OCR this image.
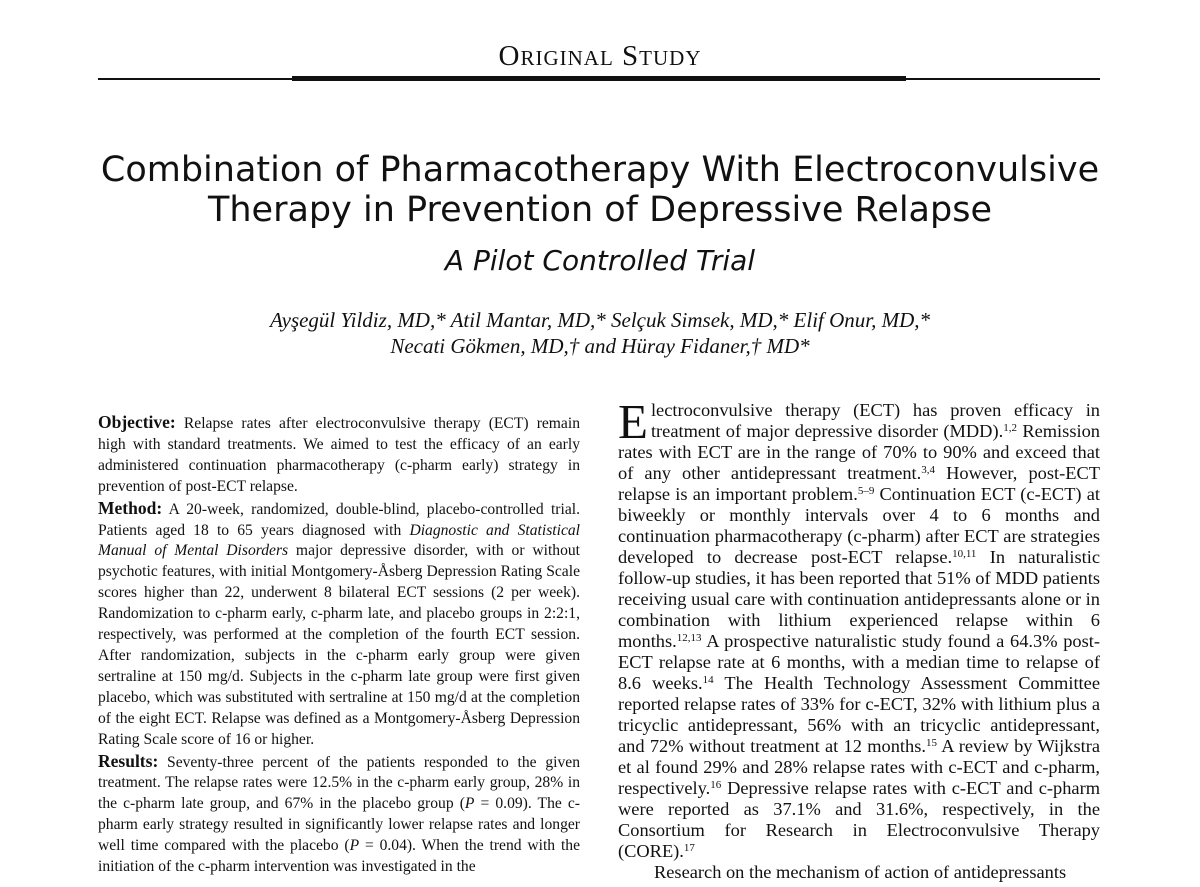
ORIGINAL STUDY
Combination of Pharmacotherapy With Electroconvulsive
Therapy in Prevention of Depressive Relapse
A Pilot Controlled Trial
Ayşegül Yildiz, MD,* Atil Mantar, MD,* Selçuk Simsek, MD,* Elif Onur, MD,*
Necati Gökmen, MD,† and Hüray Fidaner,† MD*

Objective: Relapse rates after electroconvulsive therapy (ECT) remain high with standard treatments. We aimed to test the efficacy of an early administered continuation pharmacotherapy (c-pharm early) strategy in prevention of post-ECT relapse.

Method: A 20-week, randomized, double-blind, placebo-controlled trial. Patients aged 18 to 65 years diagnosed with Diagnostic and Statistical Manual of Mental Disorders major depressive disorder, with or without psychotic features, with initial Montgomery-Åsberg Depression Rating Scale scores higher than 22, underwent 8 bilateral ECT sessions (2 per week). Randomization to c-pharm early, c-pharm late, and placebo groups in 2:2:1, respectively, was performed at the completion of the fourth ECT session. After randomization, subjects in the c-pharm early group were given sertraline at 150 mg/d. Subjects in the c-pharm late group were first given placebo, which was substituted with sertraline at 150 mg/d at the completion of the eight ECT. Relapse was defined as a Montgomery-Åsberg Depression Rating Scale score of 16 or higher.

Results: Seventy-three percent of the patients responded to the given treatment. The relapse rates were 12.5% in the c-pharm early group, 28% in the c-pharm late group, and 67% in the placebo group (P = 0.09). The c-pharm early strategy resulted in significantly lower relapse rates and longer well time compared with the placebo (P = 0.04). When the trend with the initiation of the c-pharm intervention was investigated in the

Electroconvulsive therapy (ECT) has proven efficacy in treatment of major depressive disorder (MDD).$^{1,2}$ Remission rates with ECT are in the range of 70% to 90% and exceed that of any other antidepressant treatment.$^{3,4}$ However, post-ECT relapse is an important problem.$^{5-9}$ Continuation ECT (c-ECT) at biweekly or monthly intervals over 4 to 6 months and continuation pharmacotherapy (c-pharm) after ECT are strategies developed to decrease post-ECT relapse.$^{10,11}$ In naturalistic follow-up studies, it has been reported that 51% of MDD patients receiving usual care with continuation antidepressants alone or in combination with lithium experienced relapse within 6 months.$^{12,13}$ A prospective naturalistic study found a 64.3% post-ECT relapse rate at 6 months, with a median time to relapse of 8.6 weeks.$^{14}$ The Health Technology Assessment Committee reported relapse rates of 33% for c-ECT, 32% with lithium plus a tricyclic antidepressant, 56% with an tricyclic antidepressant, and 72% without treatment at 12 months.$^{15}$ A review by Wijkstra et al found 29% and 28% relapse rates with c-ECT and c-pharm, respectively.$^{16}$ Depressive relapse rates with c-ECT and c-pharm were reported as 37.1% and 31.6%, respectively, in the Consortium for Research in Electroconvulsive Therapy (CORE).$^{17}$

Research on the mechanism of action of antidepressants
